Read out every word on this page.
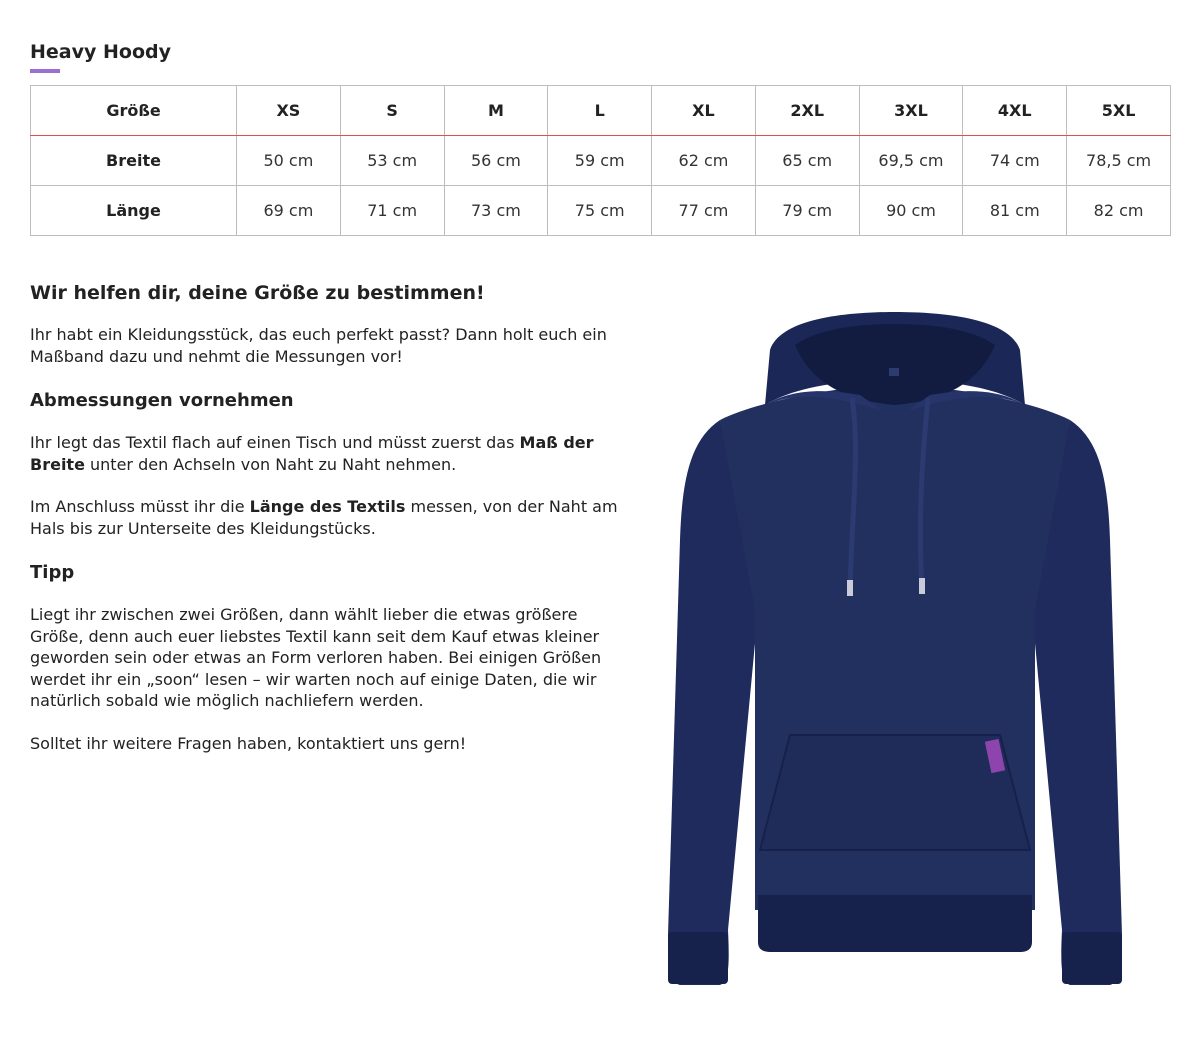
Heavy Hoody
Größe	XS	S	M	L	XL	2XL	3XL	4XL	5XL
Breite	50 cm	53 cm	56 cm	59 cm	62 cm	65 cm	69,5 cm	74 cm	78,5 cm
Länge	69 cm	71 cm	73 cm	75 cm	77 cm	79 cm	90 cm	81 cm	82 cm
Wir helfen dir, deine Größe zu bestimmen!

Ihr habt ein Kleidungsstück, das euch perfekt passt? Dann holt euch ein Maßband dazu und nehmt die Messungen vor!

Abmessungen vornehmen

Ihr legt das Textil flach auf einen Tisch und müsst zuerst das Maß der Breite unter den Achseln von Naht zu Naht nehmen.

Im Anschluss müsst ihr die Länge des Textils messen, von der Naht am Hals bis zur Unterseite des Kleidungstücks.

Tipp

Liegt ihr zwischen zwei Größen, dann wählt lieber die etwas größere Größe, denn auch euer liebstes Textil kann seit dem Kauf etwas kleiner geworden sein oder etwas an Form verloren haben. Bei einigen Größen werdet ihr ein „soon“ lesen – wir warten noch auf einige Daten, die wir natürlich sobald wie möglich nachliefern werden.

Solltet ihr weitere Fragen haben, kontaktiert uns gern!
